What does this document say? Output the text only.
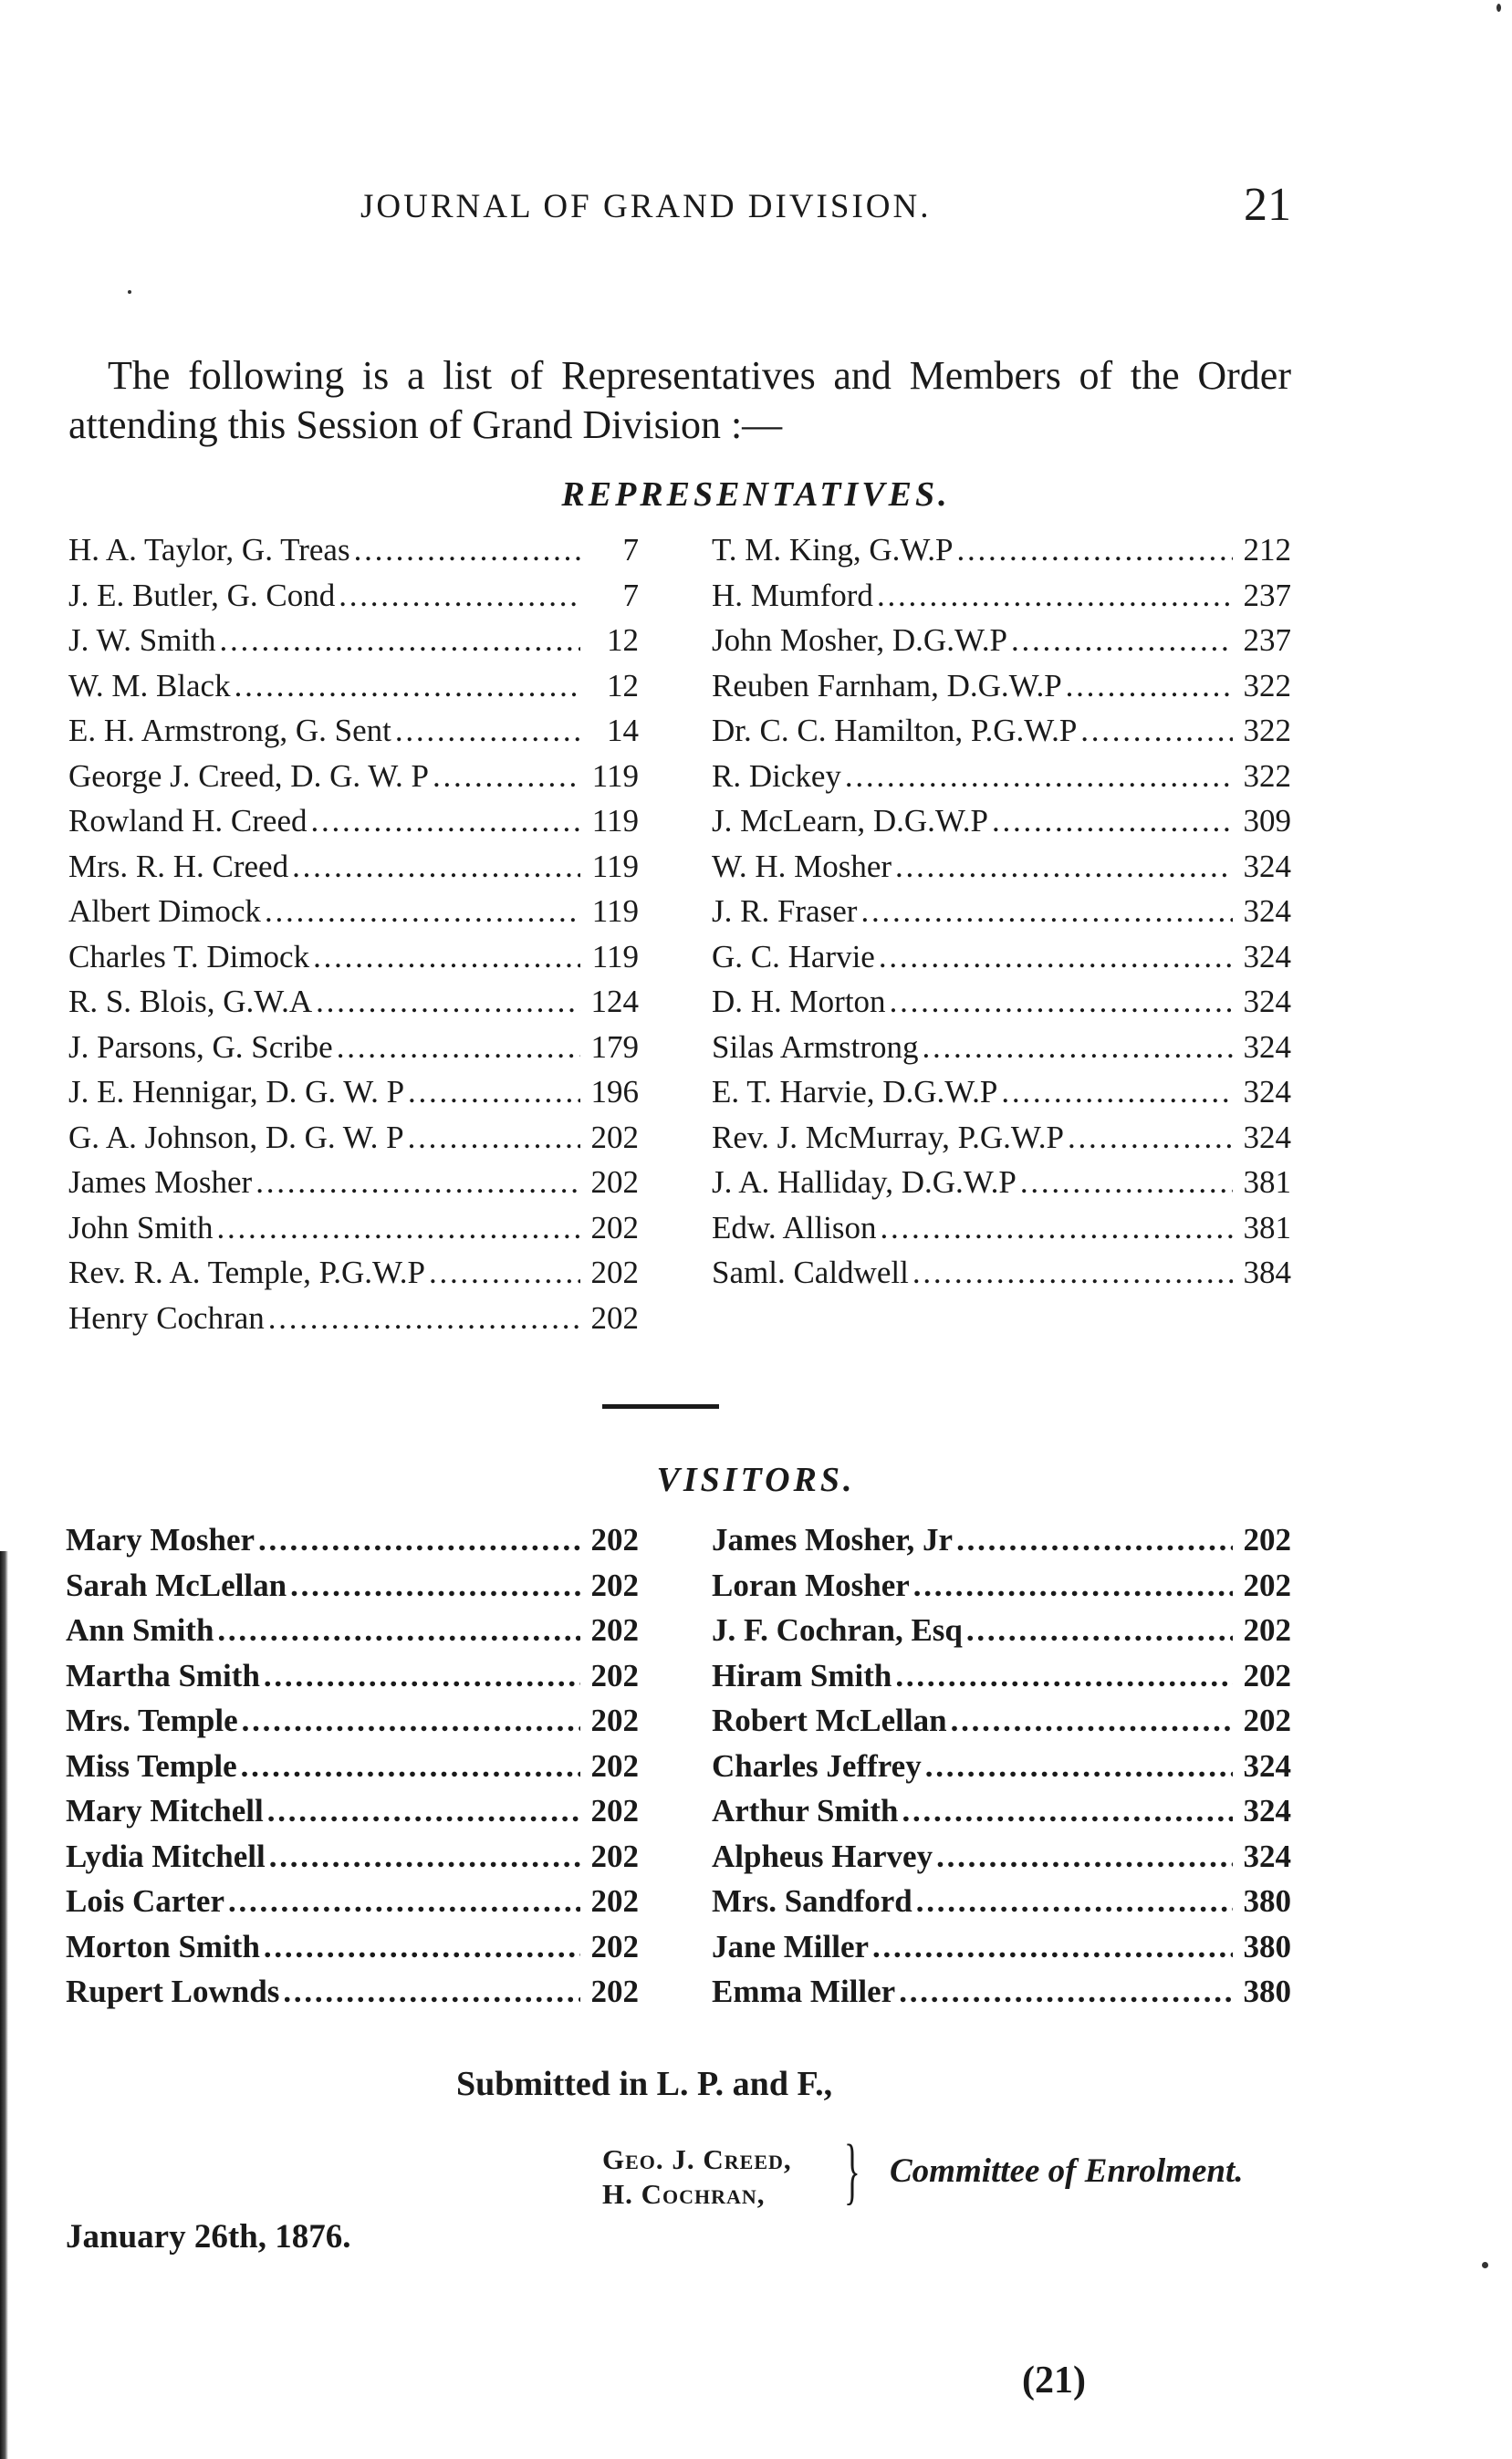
JOURNAL OF GRAND DIVISION.	21
The following is a list of Representatives and Members of the Order
attending this Session of Grand Division :—
REPRESENTATIVES.
H. A. Taylor, G. Treas . . .	7
J. E. Butler, G. Cond . . .	7
J. W. Smith . . .	12
W. M. Black . . .	12
E. H. Armstrong, G. Sent . . .	14
George J. Creed, D. G. W. P . . .	119
Rowland H. Creed . . .	119
Mrs. R. H. Creed . . .	119
Albert Dimock . . .	119
Charles T. Dimock . . .	119
R. S. Blois, G.W.A . . .	124
J. Parsons, G. Scribe . . .	179
J. E. Hennigar, D. G. W. P . . .	196
G. A. Johnson, D. G. W. P . . .	202
James Mosher . . .	202
John Smith . . .	202
Rev. R. A. Temple, P.G.W.P . . .	202
Henry Cochran . . .	202
T. M. King, G.W.P . . .	212
H. Mumford . . .	237
John Mosher, D.G.W.P . . .	237
Reuben Farnham, D.G.W.P . . .	322
Dr. C. C. Hamilton, P.G.W.P . . .	322
R. Dickey . . .	322
J. McLearn, D.G.W.P . . .	309
W. H. Mosher . . .	324
J. R. Fraser . . .	324
G. C. Harvie . . .	324
D. H. Morton . . .	324
Silas Armstrong . . .	324
E. T. Harvie, D.G.W.P . . .	324
Rev. J. McMurray, P.G.W.P . . .	324
J. A. Halliday, D.G.W.P . . .	381
Edw. Allison . . .	381
Saml. Caldwell . . .	384
VISITORS.
Mary Mosher . . .	202
Sarah McLellan . . .	202
Ann Smith . . .	202
Martha Smith . . .	202
Mrs. Temple . . .	202
Miss Temple . . .	202
Mary Mitchell . . .	202
Lydia Mitchell . . .	202
Lois Carter . . .	202
Morton Smith . . .	202
Rupert Lownds . . .	202
James Mosher, Jr . . .	202
Loran Mosher . . .	202
J. F. Cochran, Esq . . .	202
Hiram Smith . . .	202
Robert McLellan . . .	202
Charles Jeffrey . . .	324
Arthur Smith . . .	324
Alpheus Harvey . . .	324
Mrs. Sandford . . .	380
Jane Miller . . .	380
Emma Miller . . .	380
Submitted in L. P. and F.,
Geo. J. Creed,
H. Cochran,	} Committee of Enrolment.
January 26th, 1876.
(21)
